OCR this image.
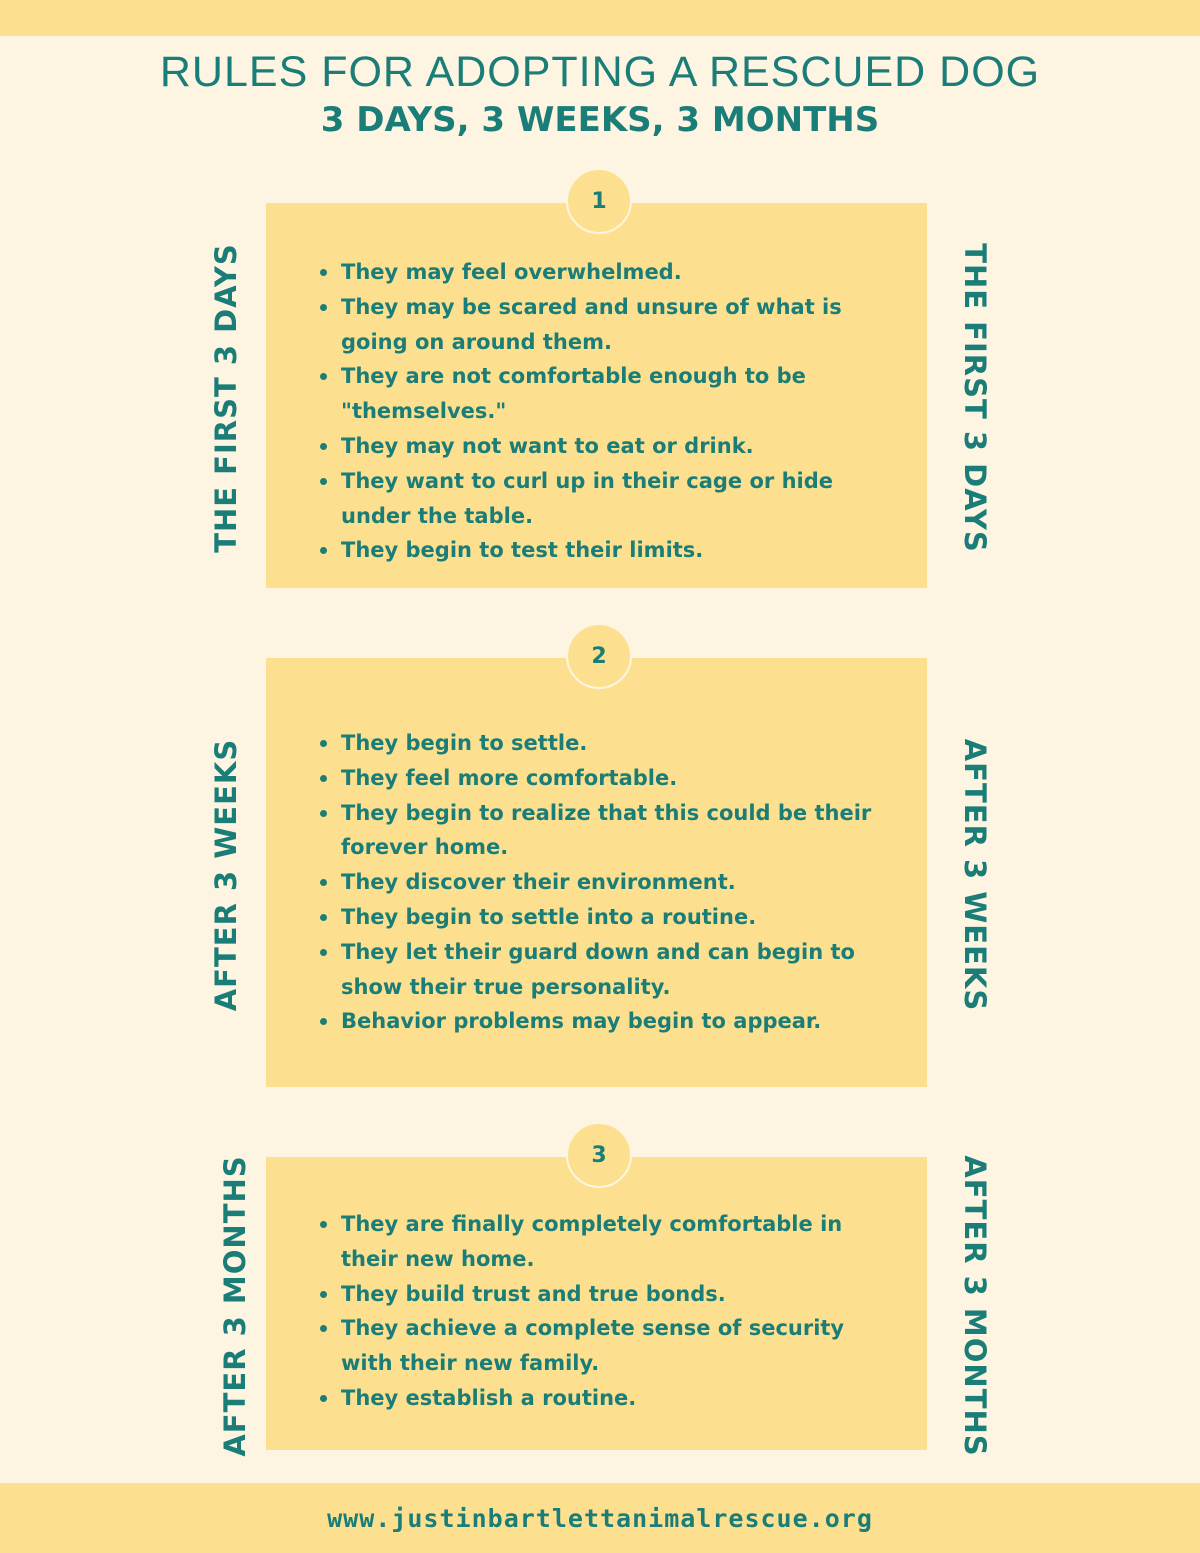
RULES FOR ADOPTING A RESCUED DOG
3 DAYS, 3 WEEKS, 3 MONTHS
They may feel overwhelmed.
They may be scared and unsure of what is going on around them.
They are not comfortable enough to be "themselves."
They may not want to eat or drink.
They want to curl up in their cage or hide under the table.
They begin to test their limits.
1
THE FIRST 3 DAYS	THE FIRST 3 DAYS
They begin to settle.
They feel more comfortable.
They begin to realize that this could be their forever home.
They discover their environment.
They begin to settle into a routine.
They let their guard down and can begin to show their true personality.
Behavior problems may begin to appear.
2
AFTER 3 WEEKS	AFTER 3 WEEKS
They are finally completely comfortable in their new home.
They build trust and true bonds.
They achieve a complete sense of security with their new family.
They establish a routine.
3
AFTER 3 MONTHS	AFTER 3 MONTHS
www.justinbartlettanimalrescue.org
